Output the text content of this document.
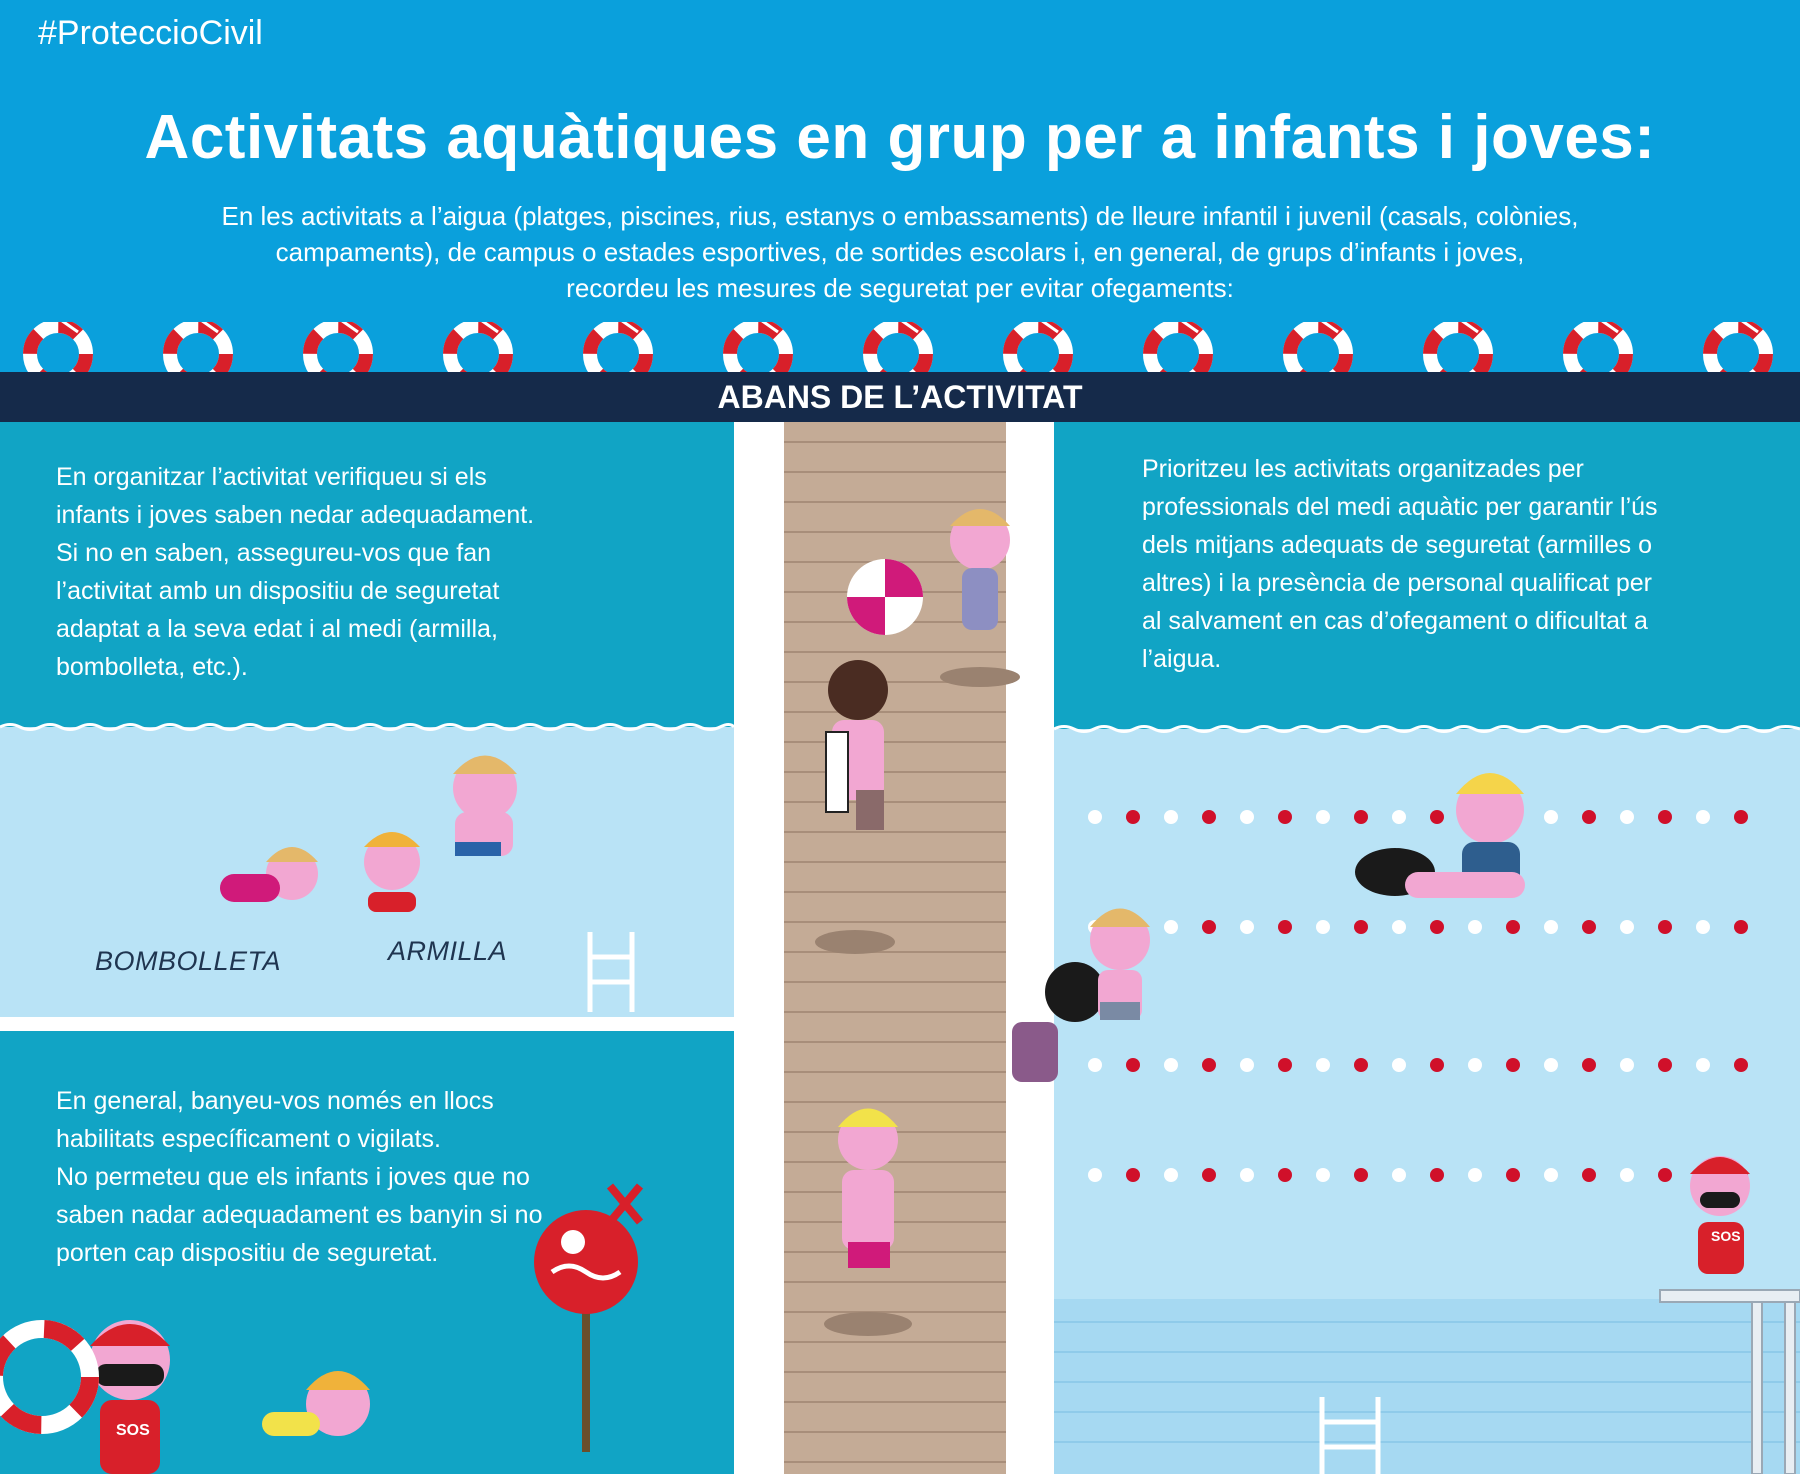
#ProteccioCivil
Activitats aquàtiques en grup per a infants i joves:
En les activitats a l’aigua (platges, piscines, rius, estanys o embassaments) de lleure infantil i juvenil (casals, colònies,
campaments), de campus o estades esportives, de sortides escolars i, en general, de grups d’infants i joves,
recordeu les mesures de seguretat per evitar ofegaments:
ABANS DE L’ACTIVITAT
En organitzar l’activitat verifiqueu si els
infants i joves saben nedar adequadament.
Si no en saben, assegureu-vos que fan
l’activitat amb un dispositiu de seguretat
adaptat a la seva edat i al medi (armilla,
bombolleta, etc.).
Prioritzeu les activitats organitzades per
professionals del medi aquàtic per garantir l’ús
dels mitjans adequats de seguretat (armilles o
altres) i la presència de personal qualificat per
al salvament en cas d’ofegament o dificultat a
l’aigua.
En general, banyeu-vos només en llocs
habilitats específicament o vigilats.
No permeteu que els infants i joves que no
saben nadar adequadament es banyin si no
porten cap dispositiu de seguretat.
BOMBOLLETA	ARMILLA
SOS
SOS
